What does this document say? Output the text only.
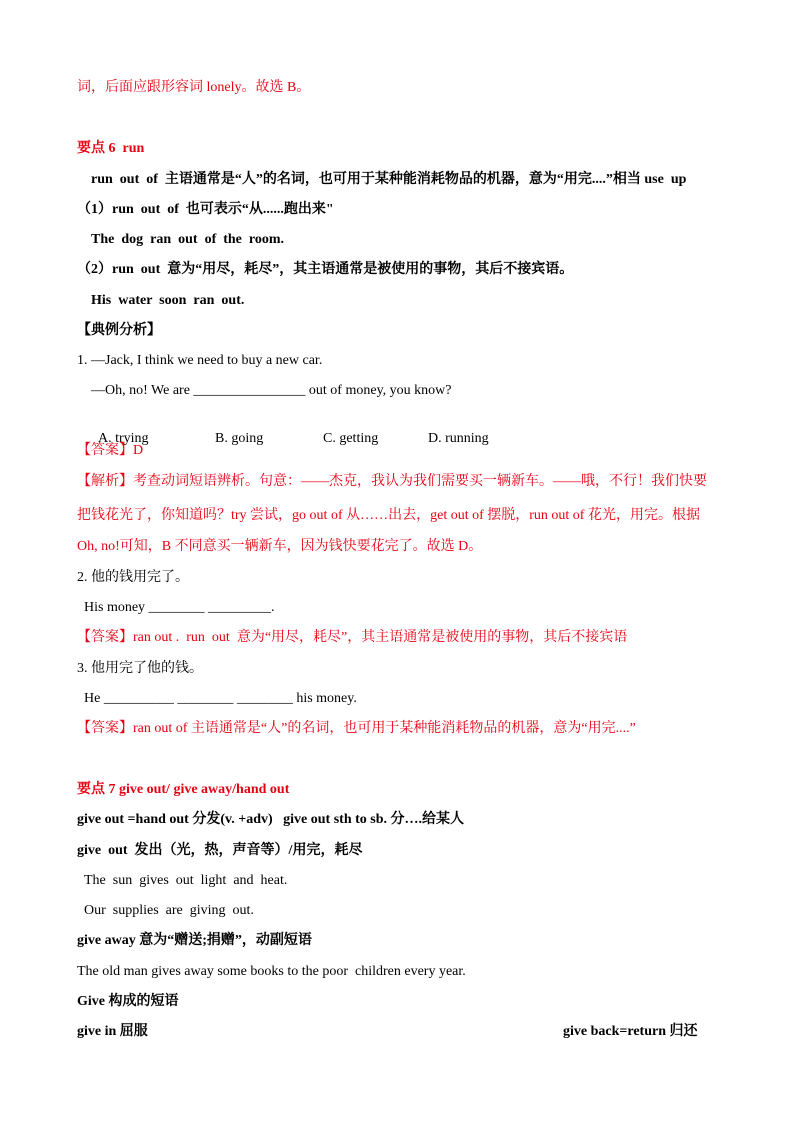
词，后面应跟形容词 lonely。故选 B。
要点 6  run
run  out  of  主语通常是“人”的名词，也可用于某种能消耗物品的机器，意为“用完....”相当 use  up
（1）run  out  of  也可表示“从......跑出来"
The  dog  ran  out  of  the  room.
（2）run  out  意为“用尽，耗尽”，其主语通常是被使用的事物，其后不接宾语。
His  water  soon  ran  out.
【典例分析】
1. —Jack, I think we need to buy a new car.
—Oh, no! We are ________________ out of money, you know?

A. trying	B. going	C. getting	D. running

【答案】D
【解析】考查动词短语辨析。句意：——杰克，我认为我们需要买一辆新车。——哦，不行！我们快要
把钱花光了，你知道吗？try 尝试，go out of 从……出去，get out of 摆脱，run out of 花光，用完。根据
Oh, no!可知，B 不同意买一辆新车，因为钱快要花完了。故选 D。
2. 他的钱用完了。
His money ________ _________.
【答案】ran out .  run  out  意为“用尽，耗尽”，其主语通常是被使用的事物，其后不接宾语
3. 他用完了他的钱。
He __________ ________ ________ his money.
【答案】ran out of 主语通常是“人”的名词，也可用于某种能消耗物品的机器，意为“用完....”
要点 7 give out/ give away/hand out
give out =hand out 分发(v. +adv)   give out sth to sb. 分….给某人
give  out  发出（光，热，声音等）/用完，耗尽
The  sun  gives  out  light  and  heat.
Our  supplies  are  giving  out.
give away 意为“赠送;捐赠”，动副短语
The old man gives away some books to the poor  children every year.
Give 构成的短语
give in 屈服	give back=return 归还
